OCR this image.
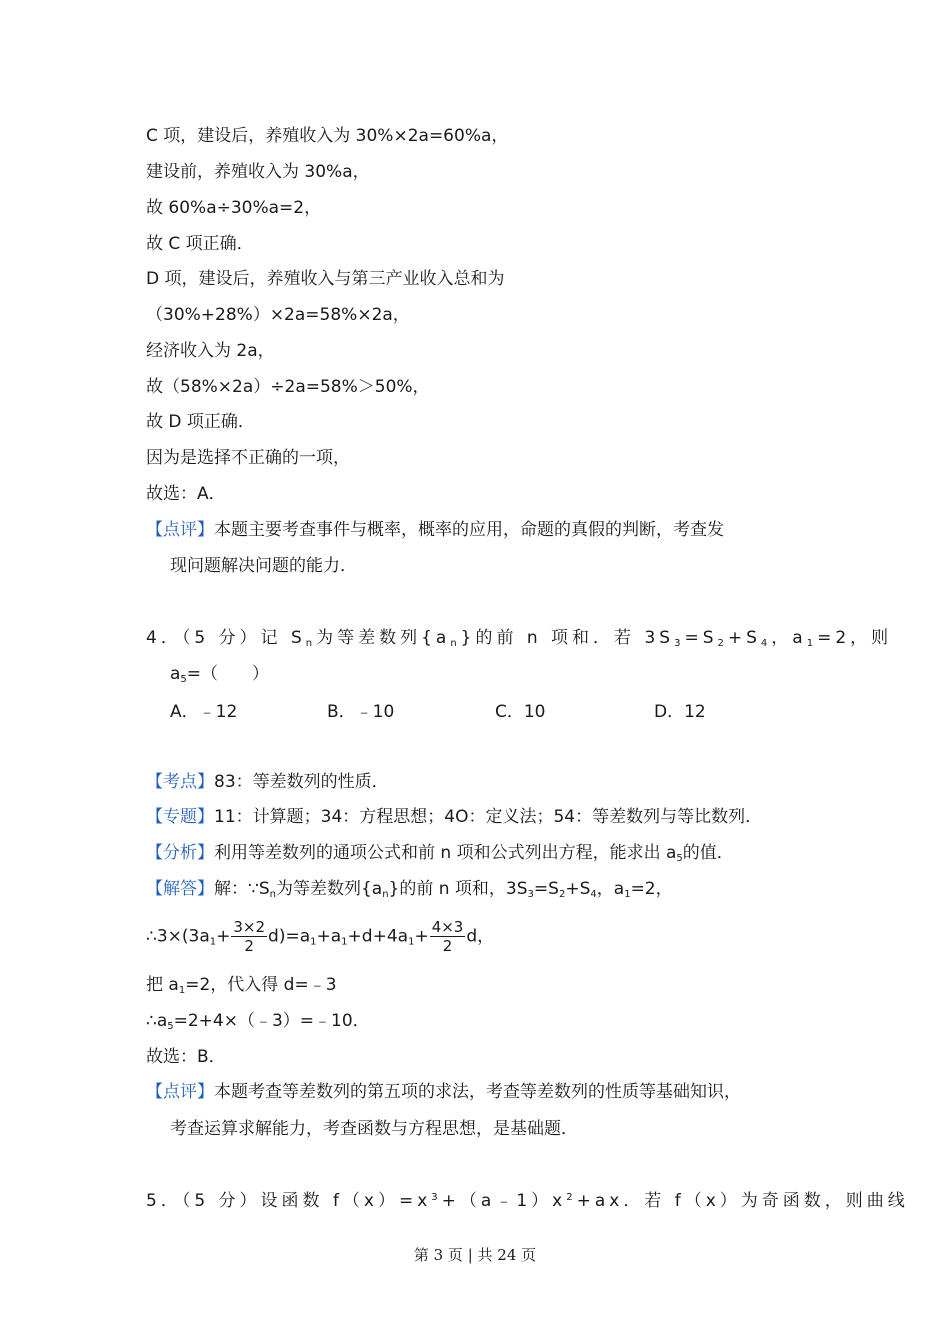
C 项，建设后，养殖收入为 30%×2a=60%a，
建设前，养殖收入为 30%a，
故 60%a÷30%a=2，
故 C 项正确．
D 项，建设后，养殖收入与第三产业收入总和为
（30%+28%）×2a=58%×2a，
经济收入为 2a，
故（58%×2a）÷2a=58%＞50%，
故 D 项正确．
因为是选择不正确的一项，
故选：A．
【点评】本题主要考查事件与概率，概率的应用，命题的真假的判断，考查发
现问题解决问题的能力．
4．（5 分）记 $S_n$为等差数列$\{a_n\}$的前 n 项和．若 $3S_3=S_2+S_4$，$a_1=2$，则
$a_5=$（　　）
A．﹣12	B．﹣10	C．10	D．12
【考点】83：等差数列的性质．
【专题】11：计算题；34：方程思想；4O：定义法；54：等差数列与等比数列．
【分析】利用等差数列的通项公式和前 n 项和公式列出方程，能求出 $a_5$的值．
【解答】解：$\because S_n$为等差数列$\{a_n\}$的前 n 项和，$3S_3=S_2+S_4$，$a_1=2$，
$\therefore 3\times(3a_1+ \frac{3\times 2}{2} d)=a_1+a_1+d+4a_1+ \frac{4\times 3}{2}$ d，
把 $a_1=2$，代入得 d=﹣3
$\therefore a_5=2+4\times(﹣3)=﹣10$．
故选：B．
【点评】本题考查等差数列的第五项的求法，考查等差数列的性质等基础知识，
考查运算求解能力，考查函数与方程思想，是基础题．
5．（5 分）设函数 $f(x)=x^3+(a﹣1)x^2+ax$．若 f（x）为奇函数，则曲线
第 3 页 | 共 24 页
